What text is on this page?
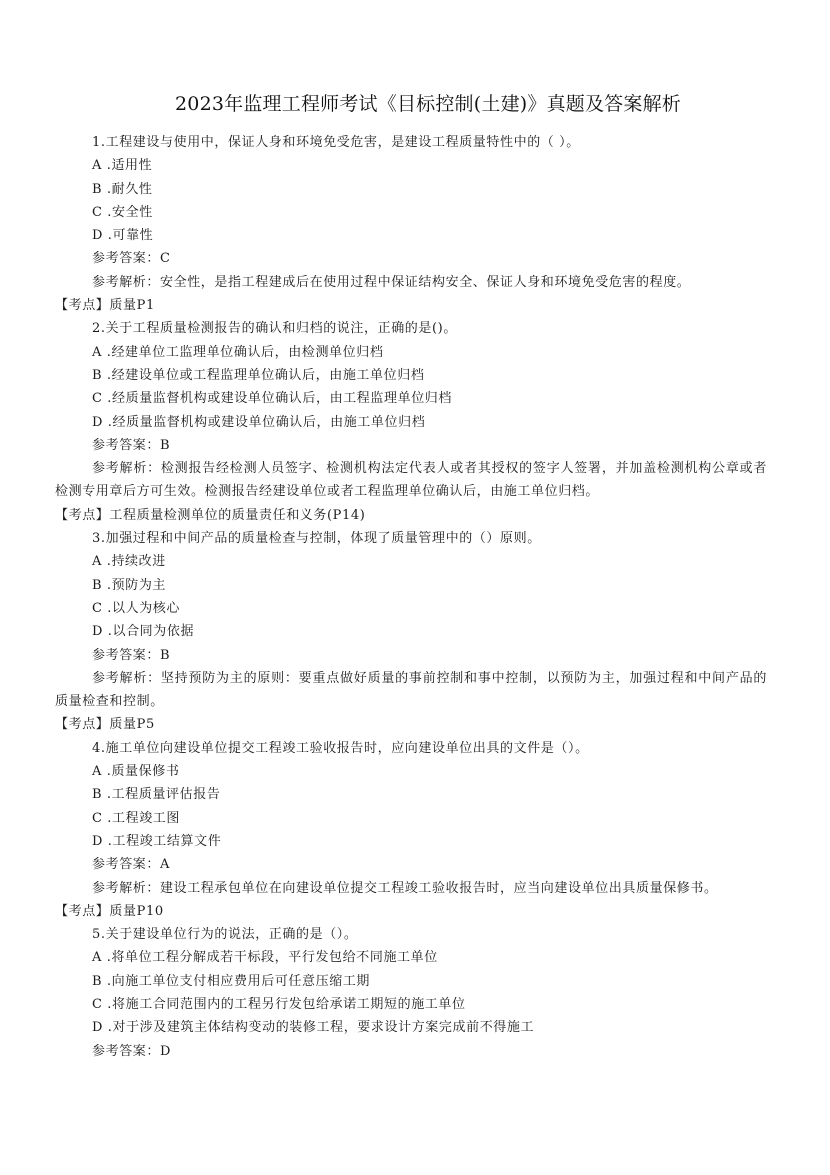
2023年监理工程师考试《目标控制(土建)》真题及答案解析
1.工程建设与使用中，保证人身和环境免受危害，是建设工程质量特性中的（ ）。
A .适用性
B .耐久性
C .安全性
D .可靠性
参考答案：C
参考解析：安全性，是指工程建成后在使用过程中保证结构安全、保证人身和环境免受危害的程度。
【考点】质量P1
2.关于工程质量检测报告的确认和归档的说注，正确的是()。
A .经建单位工监理单位确认后，由检测单位归档
B .经建设单位或工程监理单位确认后，由施工单位归档
C .经质量监督机构或建设单位确认后，由工程监理单位归档
D .经质量监督机构或建设单位确认后，由施工单位归档
参考答案：B
参考解析：检测报告经检测人员签字、检测机构法定代表人或者其授权的签字人签署，并加盖检测机构公章或者检测专用章后方可生效。检测报告经建设单位或者工程监理单位确认后，由施工单位归档。
【考点】工程质量检测单位的质量责任和义务(P14)
3.加强过程和中间产品的质量检查与控制，体现了质量管理中的（）原则。
A .持续改进
B .预防为主
C .以人为核心
D .以合同为依据
参考答案：B
参考解析：坚持预防为主的原则：要重点做好质量的事前控制和事中控制，以预防为主，加强过程和中间产品的质量检查和控制。
【考点】质量P5
4.施工单位向建设单位提交工程竣工验收报告时，应向建设单位出具的文件是（）。
A .质量保修书
B .工程质量评估报告
C .工程竣工图
D .工程竣工结算文件
参考答案：A
参考解析：建设工程承包单位在向建设单位提交工程竣工验收报告时，应当向建设单位出具质量保修书。
【考点】质量P10
5.关于建设单位行为的说法，正确的是（）。
A .将单位工程分解成若干标段，平行发包给不同施工单位
B .向施工单位支付相应费用后可任意压缩工期
C .将施工合同范围内的工程另行发包给承诺工期短的施工单位
D .对于涉及建筑主体结构变动的装修工程，要求设计方案完成前不得施工
参考答案：D
